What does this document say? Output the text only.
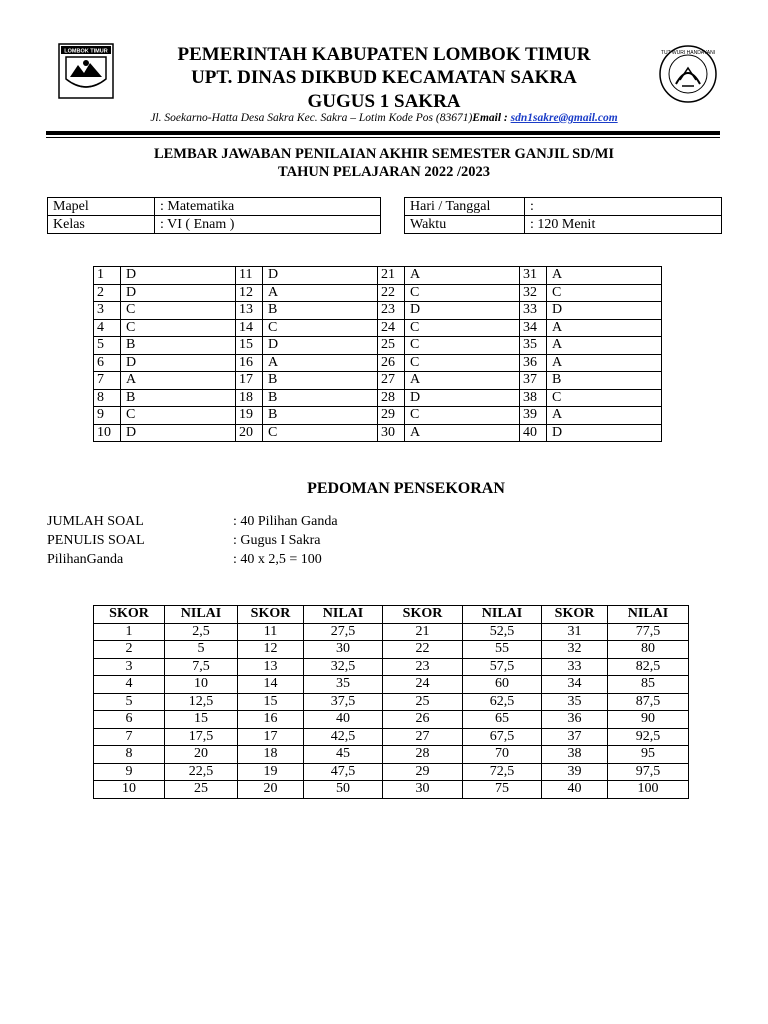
LOMBOK TIMUR	TUT WURI HANDAYANI
PEMERINTAH KABUPATEN LOMBOK TIMUR
UPT. DINAS DIKBUD KECAMATAN SAKRA
GUGUS 1 SAKRA
Jl. Soekarno-Hatta Desa Sakra Kec. Sakra – Lotim Kode Pos (83671)Email : sdn1sakre@gmail.com
LEMBAR JAWABAN PENILAIAN AKHIR SEMESTER GANJIL SD/MI
TAHUN PELAJARAN 2022 /2023
Mapel	: Matematika
Kelas	: VI ( Enam )
Hari / Tanggal	:
Waktu	: 120 Menit
1	D	11	D	21	A	31	A
2	D	12	A	22	C	32	C
3	C	13	B	23	D	33	D
4	C	14	C	24	C	34	A
5	B	15	D	25	C	35	A
6	D	16	A	26	C	36	A
7	A	17	B	27	A	37	B
8	B	18	B	28	D	38	C
9	C	19	B	29	C	39	A
10	D	20	C	30	A	40	D
PEDOMAN PENSEKORAN
JUMLAH SOAL	: 40 Pilihan Ganda
PENULIS SOAL	: Gugus I Sakra
PilihanGanda	: 40 x 2,5 = 100
SKOR	NILAI	SKOR	NILAI	SKOR	NILAI	SKOR	NILAI
1	2,5	11	27,5	21	52,5	31	77,5
2	5	12	30	22	55	32	80
3	7,5	13	32,5	23	57,5	33	82,5
4	10	14	35	24	60	34	85
5	12,5	15	37,5	25	62,5	35	87,5
6	15	16	40	26	65	36	90
7	17,5	17	42,5	27	67,5	37	92,5
8	20	18	45	28	70	38	95
9	22,5	19	47,5	29	72,5	39	97,5
10	25	20	50	30	75	40	100
